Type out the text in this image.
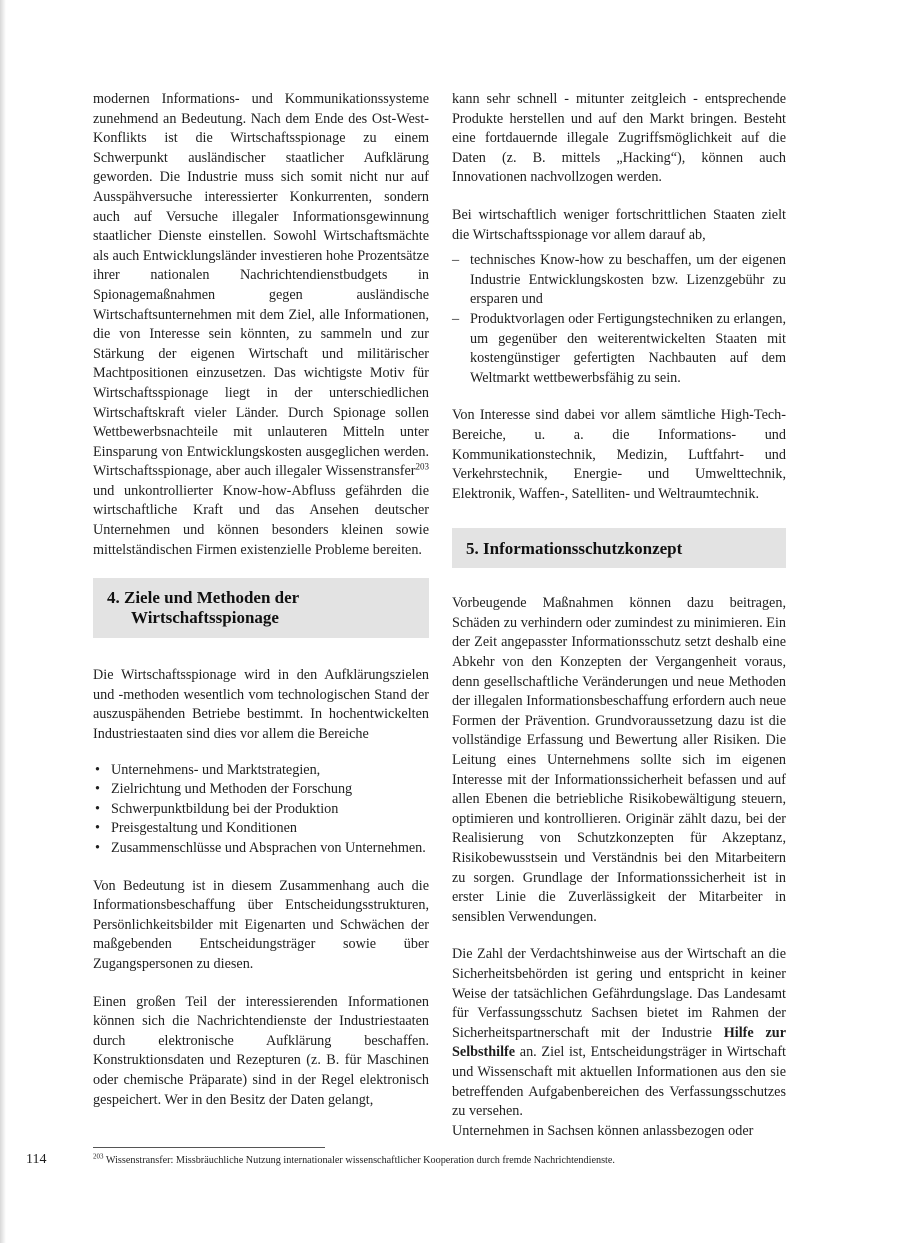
modernen Informations- und Kommunikationssysteme zunehmend an Bedeutung. Nach dem Ende des Ost-West-Konflikts ist die Wirtschaftsspionage zu einem Schwerpunkt ausländischer staatlicher Aufklärung geworden. Die Industrie muss sich somit nicht nur auf Ausspähversuche interessierter Konkurrenten, sondern auch auf Versuche illegaler Informationsgewinnung staatlicher Dienste einstellen. Sowohl Wirtschaftsmächte als auch Entwicklungsländer investieren hohe Prozentsätze ihrer nationalen Nachrichtendienstbudgets in Spionagemaßnahmen gegen ausländische Wirtschaftsunternehmen mit dem Ziel, alle Informationen, die von Interesse sein könnten, zu sammeln und zur Stärkung der eigenen Wirtschaft und militärischer Machtpositionen einzusetzen. Das wichtigste Motiv für Wirtschaftsspionage liegt in der unterschiedlichen Wirtschaftskraft vieler Länder. Durch Spionage sollen Wettbewerbsnachteile mit unlauteren Mitteln unter Einsparung von Entwicklungskosten ausgeglichen werden. Wirtschaftsspionage, aber auch illegaler Wissenstransfer$^{203}$ und unkontrollierter Know-how-Abfluss gefährden die wirtschaftliche Kraft und das Ansehen deutscher Unternehmen und können besonders kleinen sowie mittelständischen Firmen existenzielle Probleme bereiten.

4. Ziele und Methoden der
Wirtschaftsspionage

Die Wirtschaftsspionage wird in den Aufklärungszielen und -methoden wesentlich vom technologischen Stand der auszuspähenden Betriebe bestimmt. In hochentwickelten Industriestaaten sind dies vor allem die Bereiche

• Unternehmens- und Marktstrategien,
• Zielrichtung und Methoden der Forschung
• Schwerpunktbildung bei der Produktion
• Preisgestaltung und Konditionen
• Zusammenschlüsse und Absprachen von Unternehmen.

Von Bedeutung ist in diesem Zusammenhang auch die Informationsbeschaffung über Entscheidungsstrukturen, Persönlichkeitsbilder mit Eigenarten und Schwächen der maßgebenden Entscheidungsträger sowie über Zugangspersonen zu diesen.

Einen großen Teil der interessierenden Informationen können sich die Nachrichtendienste der Industriestaaten durch elektronische Aufklärung beschaffen. Konstruktionsdaten und Rezepturen (z. B. für Maschinen oder chemische Präparate) sind in der Regel elektronisch gespeichert. Wer in den Besitz der Daten gelangt,

kann sehr schnell - mitunter zeitgleich - entsprechende Produkte herstellen und auf den Markt bringen. Besteht eine fortdauernde illegale Zugriffsmöglichkeit auf die Daten (z. B. mittels „Hacking“), können auch Innovationen nachvollzogen werden.

Bei wirtschaftlich weniger fortschrittlichen Staaten zielt die Wirtschaftsspionage vor allem darauf ab,

– technisches Know-how zu beschaffen, um der eigenen Industrie Entwicklungskosten bzw. Lizenzgebühr zu ersparen und
– Produktvorlagen oder Fertigungstechniken zu erlangen, um gegenüber den weiterentwickelten Staaten mit kostengünstiger gefertigten Nachbauten auf dem Weltmarkt wettbewerbsfähig zu sein.

Von Interesse sind dabei vor allem sämtliche High-Tech-Bereiche, u. a. die Informations- und Kommunikationstechnik, Medizin, Luftfahrt- und Verkehrstechnik, Energie- und Umwelttechnik, Elektronik, Waffen-, Satelliten- und Weltraumtechnik.

5. Informationsschutzkonzept

Vorbeugende Maßnahmen können dazu beitragen, Schäden zu verhindern oder zumindest zu minimieren. Ein der Zeit angepasster Informationsschutz setzt deshalb eine Abkehr von den Konzepten der Vergangenheit voraus, denn gesellschaftliche Veränderungen und neue Methoden der illegalen Informationsbeschaffung erfordern auch neue Formen der Prävention. Grundvoraussetzung dazu ist die vollständige Erfassung und Bewertung aller Risiken. Die Leitung eines Unternehmens sollte sich im eigenen Interesse mit der Informationssicherheit befassen und auf allen Ebenen die betriebliche Risikobewältigung steuern, optimieren und kontrollieren. Originär zählt dazu, bei der Realisierung von Schutzkonzepten für Akzeptanz, Risikobewusstsein und Verständnis bei den Mitarbeitern zu sorgen. Grundlage der Informationssicherheit ist in erster Linie die Zuverlässigkeit der Mitarbeiter in sensiblen Verwendungen.

Die Zahl der Verdachtshinweise aus der Wirtschaft an die Sicherheitsbehörden ist gering und entspricht in keiner Weise der tatsächlichen Gefährdungslage. Das Landesamt für Verfassungsschutz Sachsen bietet im Rahmen der Sicherheitspartnerschaft mit der Industrie Hilfe zur Selbsthilfe an. Ziel ist, Entscheidungsträger in Wirtschaft und Wissenschaft mit aktuellen Informationen aus den sie betreffenden Aufgabenbereichen des Verfassungsschutzes zu versehen.

Unternehmen in Sachsen können anlassbezogen oder

114	$^{203}$ Wissenstransfer: Missbräuchliche Nutzung internationaler wissenschaftlicher Kooperation durch fremde Nachrichtendienste.
